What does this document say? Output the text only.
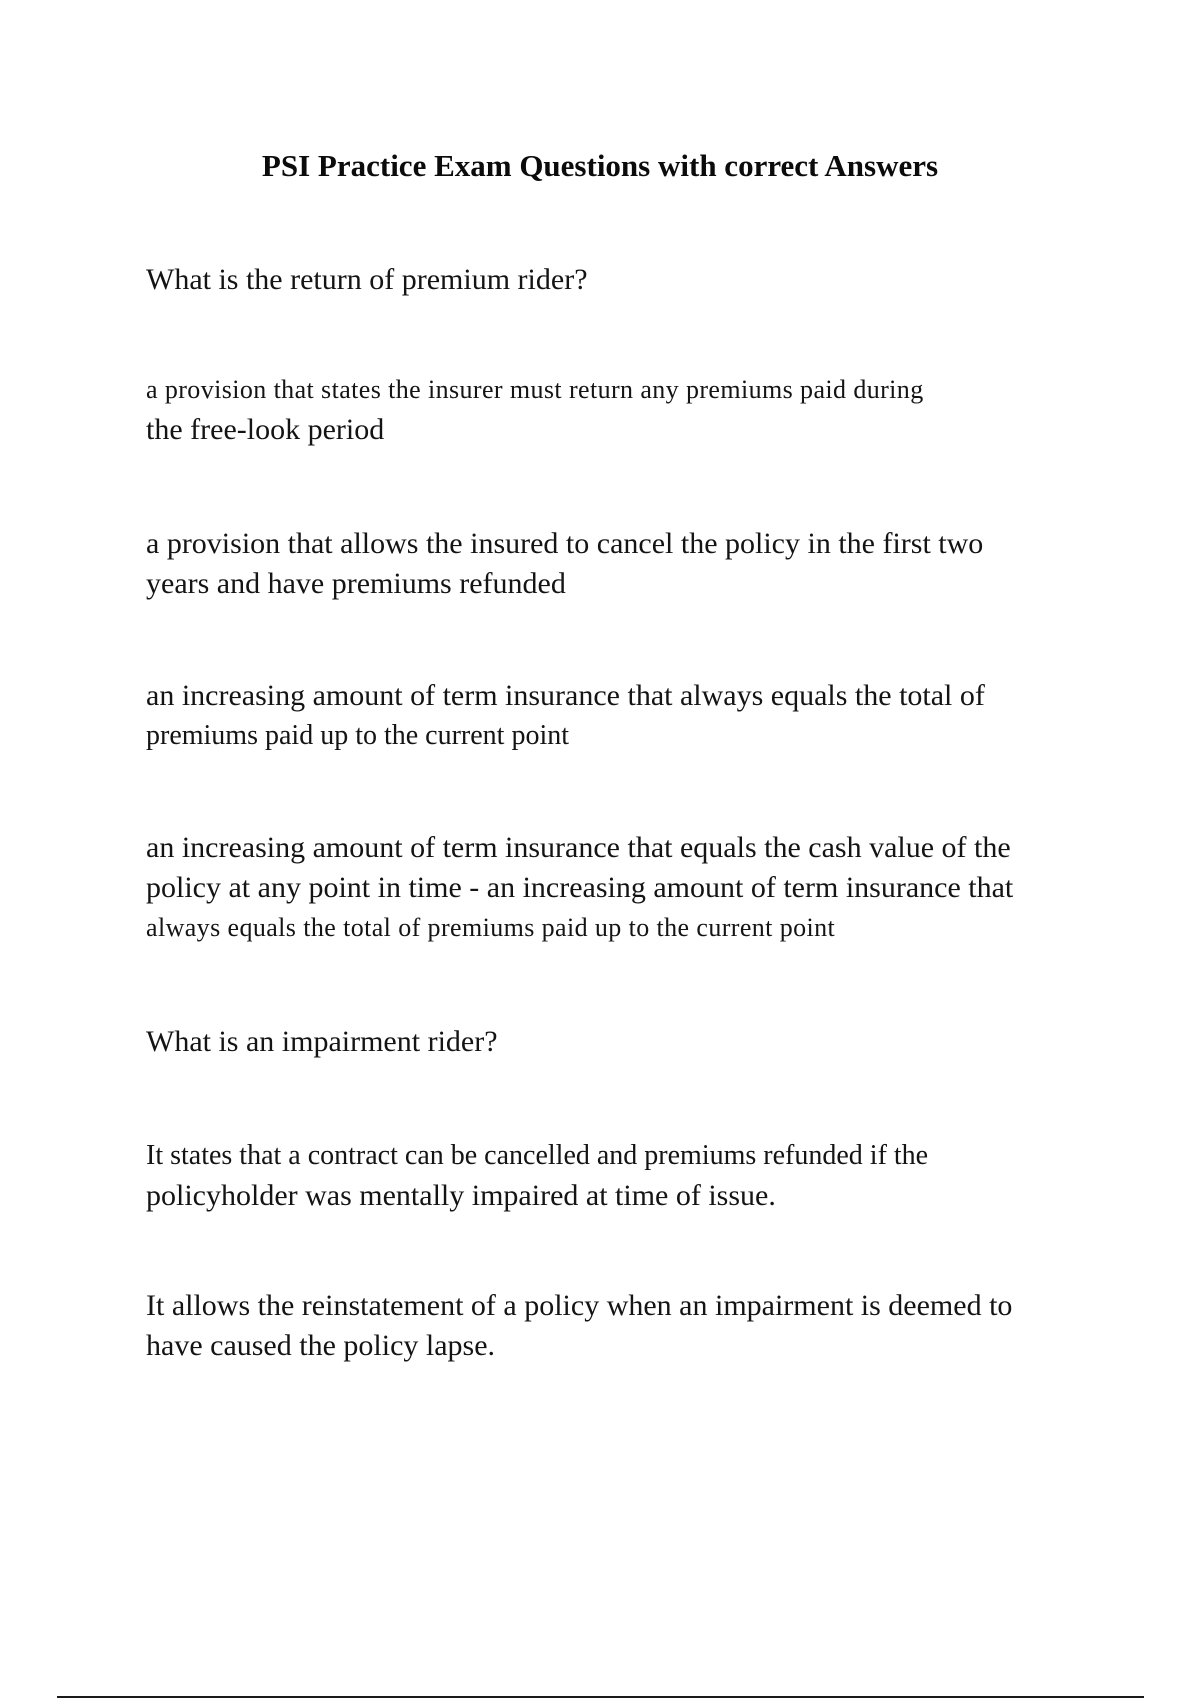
PSI Practice Exam Questions with correct Answers
What is the return of premium rider?
a provision that states the insurer must return any premiums paid during
the free-look period
a provision that allows the insured to cancel the policy in the first two
years and have premiums refunded
an increasing amount of term insurance that always equals the total of
premiums paid up to the current point
an increasing amount of term insurance that equals the cash value of the
policy at any point in time - an increasing amount of term insurance that
always equals the total of premiums paid up to the current point
What is an impairment rider?
It states that a contract can be cancelled and premiums refunded if the
policyholder was mentally impaired at time of issue.
It allows the reinstatement of a policy when an impairment is deemed to
have caused the policy lapse.
